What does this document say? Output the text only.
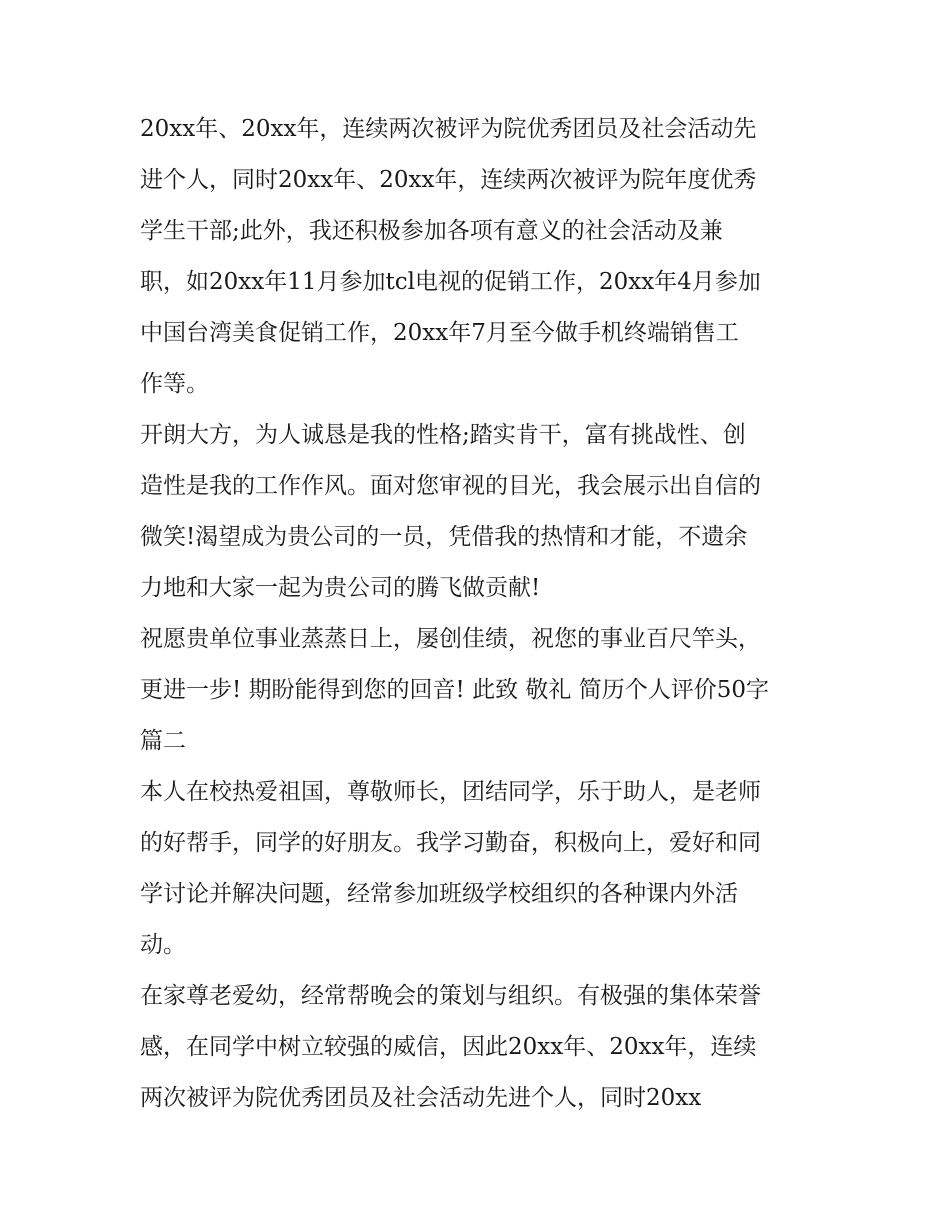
20xx年、20xx年，连续两次被评为院优秀团员及社会活动先
进个人，同时20xx年、20xx年，连续两次被评为院年度优秀
学生干部;此外，我还积极参加各项有意义的社会活动及兼
职，如20xx年11月参加tcl电视的促销工作，20xx年4月参加
中国台湾美食促销工作，20xx年7月至今做手机终端销售工
作等。
开朗大方，为人诚恳是我的性格;踏实肯干，富有挑战性、创
造性是我的工作作风。面对您审视的目光，我会展示出自信的
微笑!渴望成为贵公司的一员，凭借我的热情和才能，不遗余
力地和大家一起为贵公司的腾飞做贡献!
祝愿贵单位事业蒸蒸日上，屡创佳绩，祝您的事业百尺竿头，
更进一步! 期盼能得到您的回音! 此致 敬礼 简历个人评价50字
篇二
本人在校热爱祖国，尊敬师长，团结同学，乐于助人，是老师
的好帮手，同学的好朋友。我学习勤奋，积极向上，爱好和同
学讨论并解决问题，经常参加班级学校组织的各种课内外活
动。
在家尊老爱幼，经常帮晚会的策划与组织。有极强的集体荣誉
感，在同学中树立较强的威信，因此20xx年、20xx年，连续
两次被评为院优秀团员及社会活动先进个人，同时20xx
